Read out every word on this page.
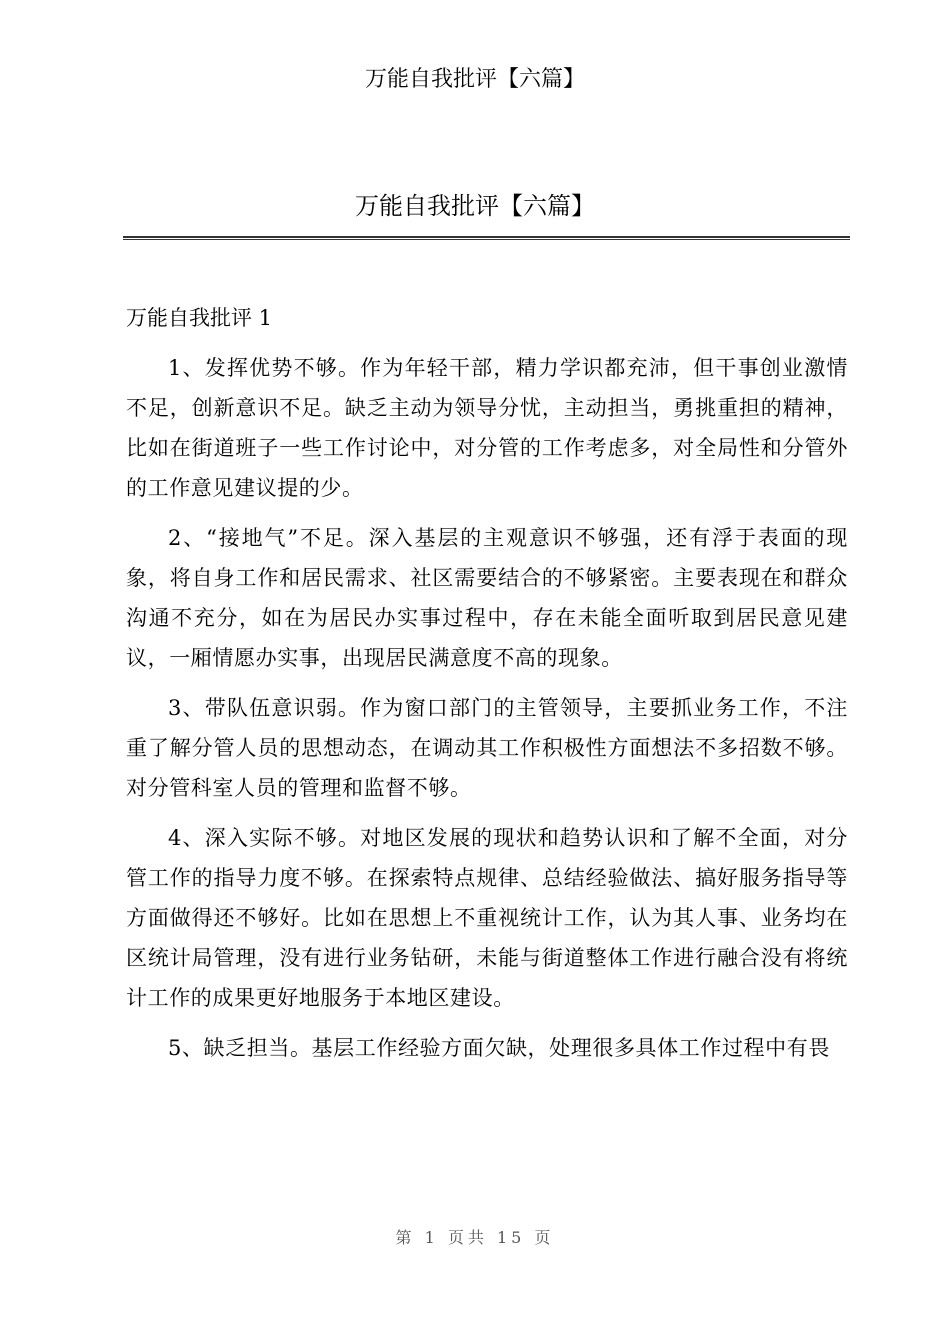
万能自我批评【六篇】
万能自我批评【六篇】
万能自我批评 1

1、发挥优势不够。作为年轻干部，精力学识都充沛，但干事创业激情不足，创新意识不足。缺乏主动为领导分忧，主动担当，勇挑重担的精神，比如在街道班子一些工作讨论中，对分管的工作考虑多，对全局性和分管外的工作意见建议提的少。

2、“接地气”不足。深入基层的主观意识不够强，还有浮于表面的现象，将自身工作和居民需求、社区需要结合的不够紧密。主要表现在和群众沟通不充分，如在为居民办实事过程中，存在未能全面听取到居民意见建议，一厢情愿办实事，出现居民满意度不高的现象。

3、带队伍意识弱。作为窗口部门的主管领导，主要抓业务工作，不注重了解分管人员的思想动态，在调动其工作积极性方面想法不多招数不够。对分管科室人员的管理和监督不够。

4、深入实际不够。对地区发展的现状和趋势认识和了解不全面，对分管工作的指导力度不够。在探索特点规律、总结经验做法、搞好服务指导等方面做得还不够好。比如在思想上不重视统计工作，认为其人事、业务均在区统计局管理，没有进行业务钻研，未能与街道整体工作进行融合没有将统计工作的成果更好地服务于本地区建设。

5、缺乏担当。基层工作经验方面欠缺，处理很多具体工作过程中有畏

第 1 页共 15 页
